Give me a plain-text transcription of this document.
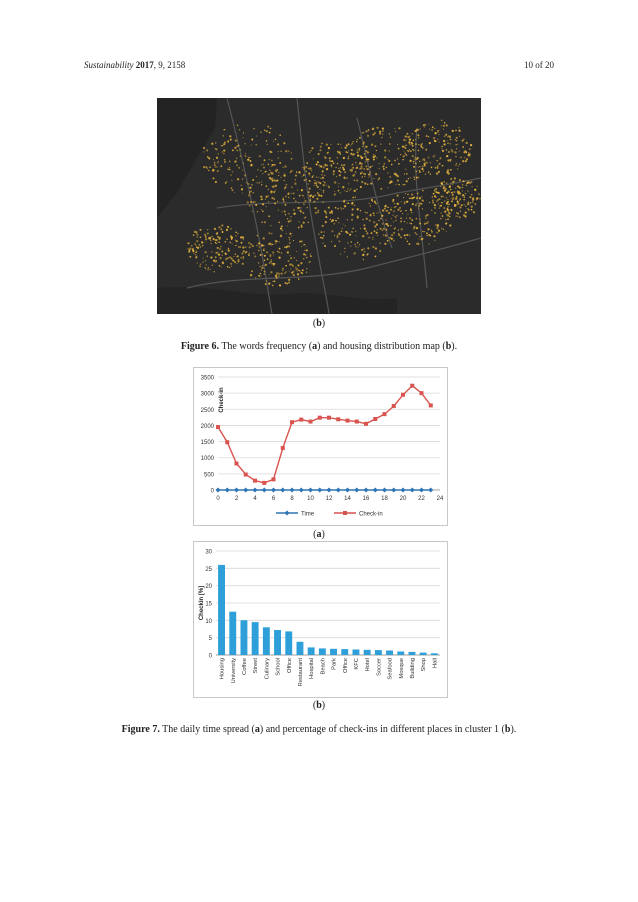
Sustainability 2017, 9, 2158	10 of 20
(b)
Figure 6. The words frequency (a) and housing distribution map (b).
0
500
1000
1500
2000
2500
3000
3500
0	2	4	6	8 10 12 14 16 18 20 22 24
Check-in
Time	Check-in
(a)
0
5
10
15
20
25
30
Checkin [%]
Housing University Coffee Street Culinary School Office Restaurant Hospital Beach Park Office KFC Hotel Soccer Seafood Mosque Building Shop Hall
(b)
Figure 7. The daily time spread (a) and percentage of check-ins in different places in cluster 1 (b).
